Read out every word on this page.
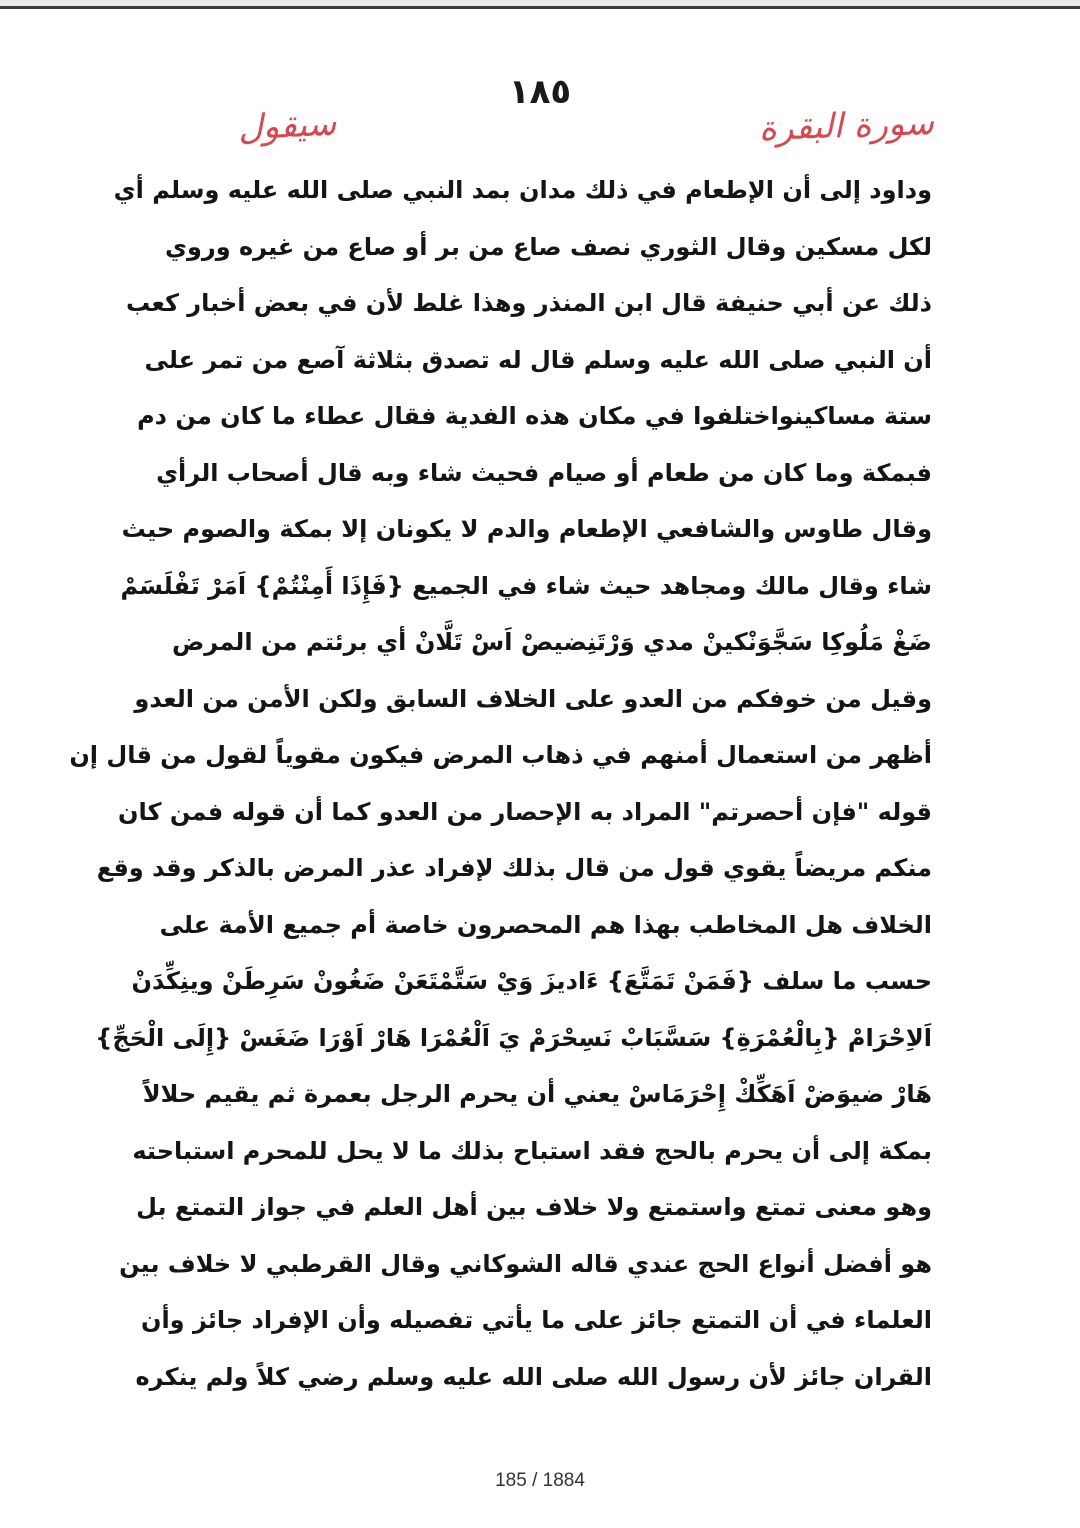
١٨٥
سورة البقرة
سيقول
وداود إلى أن الإطعام في ذلك مدان بمد النبي صلى الله عليه وسلم أي
لكل مسكين وقال الثوري نصف صاع من بر أو صاع من غيره وروي
ذلك عن أبي حنيفة قال ابن المنذر وهذا غلط لأن في بعض أخبار كعب
أن النبي صلى الله عليه وسلم قال له تصدق بثلاثة آصع من تمر على
ستة مساكينواختلفوا في مكان هذه الفدية فقال عطاء ما كان من دم
فبمكة وما كان من طعام أو صيام فحيث شاء وبه قال أصحاب الرأي
وقال طاوس والشافعي الإطعام والدم لا يكونان إلا بمكة والصوم حيث
شاء وقال مالك ومجاهد حيث شاء في الجميع {فَإِذَا أَمِنْتُمْ} اَمَرْ تَفْلَسَمْ
ضَغْ مَلُوكِا سَجَّوَنْكينْ مدي وَرْتَنِضيصْ اَسْ تَلَّانْ أي برئتم من المرض
وقيل من خوفكم من العدو على الخلاف السابق ولكن الأمن من العدو
أظهر من استعمال أمنهم في ذهاب المرض فيكون مقوياً لقول من قال إن
قوله "فإن أحصرتم" المراد به الإحصار من العدو كما أن قوله فمن كان
منكم مريضاً يقوي قول من قال بذلك لإفراد عذر المرض بالذكر وقد وقع
الخلاف هل المخاطب بهذا هم المحصرون خاصة أم جميع الأمة على
حسب ما سلف {فَمَنْ تَمَتَّعَ} ءَاديزَ وَيْ سَتَّمْتَعَنْ ضَغُونْ سَرِطَنْ وينِكِّدَنْ
اَلاِحْرَامْ {بِالْعُمْرَةِ} سَسَّبَابْ نَسِحْرَمْ يَ اَلْعُمْرَا هَارْ اَوْرَا ضَغَسْ {إِلَى الْحَجِّ}
هَارْ ضيوَضْ اَهَكِّكْ إِحْرَمَاسْ يعني أن يحرم الرجل بعمرة ثم يقيم حلالاً
بمكة إلى أن يحرم بالحج فقد استباح بذلك ما لا يحل للمحرم استباحته
وهو معنى تمتع واستمتع ولا خلاف بين أهل العلم في جواز التمتع بل
هو أفضل أنواع الحج عندي قاله الشوكاني وقال القرطبي لا خلاف بين
العلماء في أن التمتع جائز على ما يأتي تفصيله وأن الإفراد جائز وأن
القران جائز لأن رسول الله صلى الله عليه وسلم رضي كلاً ولم ينكره
185 / 1884
